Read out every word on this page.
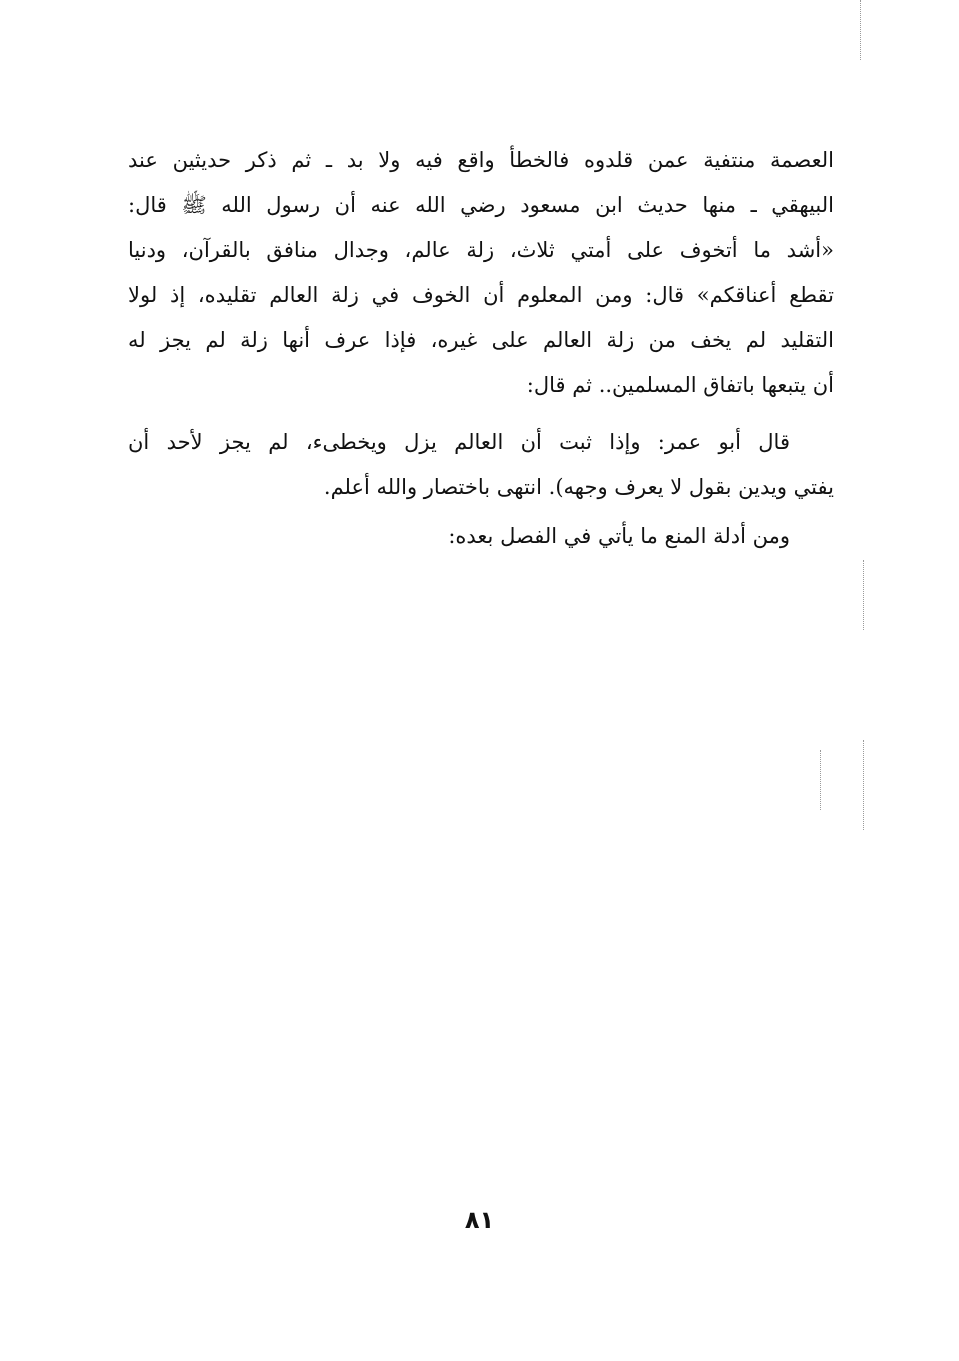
العصمة منتفية عمن قلدوه فالخطأ واقع فيه ولا بد ـ ثم ذكر حديثين عند
البيهقي ـ منها حديث ابن مسعود رضي الله عنه أن رسول الله ﷺ قال:
«أشد ما أتخوف على أمتي ثلاث، زلة عالم، وجدال منافق بالقرآن، ودنيا
تقطع أعناقكم» قال: ومن المعلوم أن الخوف في زلة العالم تقليده، إذ لولا
التقليد لم يخف من زلة العالم على غيره، فإذا عرف أنها زلة لم يجز له
أن يتبعها باتفاق المسلمين.. ثم قال:
قال أبو عمر: وإذا ثبت أن العالم يزل ويخطىء، لم يجز لأحد أن
يفتي ويدين بقول لا يعرف وجهه). انتهى باختصار والله أعلم.
ومن أدلة المنع ما يأتي في الفصل بعده:
٨١
